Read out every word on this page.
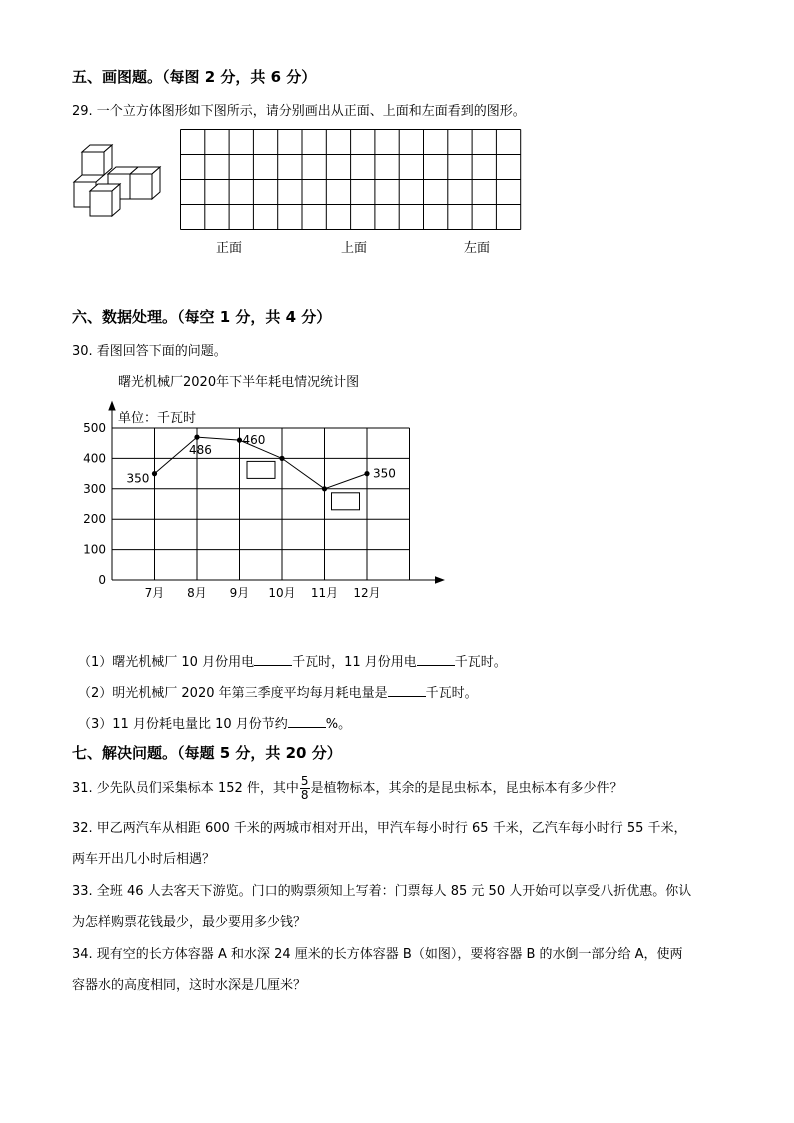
五、画图题。（每图 2 分，共 6 分）
29. 一个立方体图形如下图所示，请分别画出从正面、上面和左面看到的图形。
正面	上面	左面
六、数据处理。（每空 1 分，共 4 分）
30. 看图回答下面的问题。
曙光机械厂2020年下半年耗电情况统计图
单位：千瓦时
0
100
200
300
400
500
7月 8月 9月 10月 11月 12月
350
486
460
350
（1）曙光机械厂 10 月份用电	千瓦时，11 月份用电	千瓦时。
（2）明光机械厂 2020 年第三季度平均每月耗电量是	千瓦时。
（3）11 月份耗电量比 10 月份节约	%。
七、解决问题。（每题 5 分，共 20 分）
31. 少先队员们采集标本 152 件，其中 $\frac{5}{8}$ 是植物标本，其余的是昆虫标本，昆虫标本有多少件？
32. 甲乙两汽车从相距 600 千米的两城市相对开出，甲汽车每小时行 65 千米，乙汽车每小时行 55 千米，
两车开出几小时后相遇？
33. 全班 46 人去客天下游览。门口的购票须知上写着：门票每人 85 元 50 人开始可以享受八折优惠。你认
为怎样购票花钱最少，最少要用多少钱？
34. 现有空的长方体容器 A 和水深 24 厘米的长方体容器 B（如图），要将容器 B 的水倒一部分给 A，使两
容器水的高度相同，这时水深是几厘米？
